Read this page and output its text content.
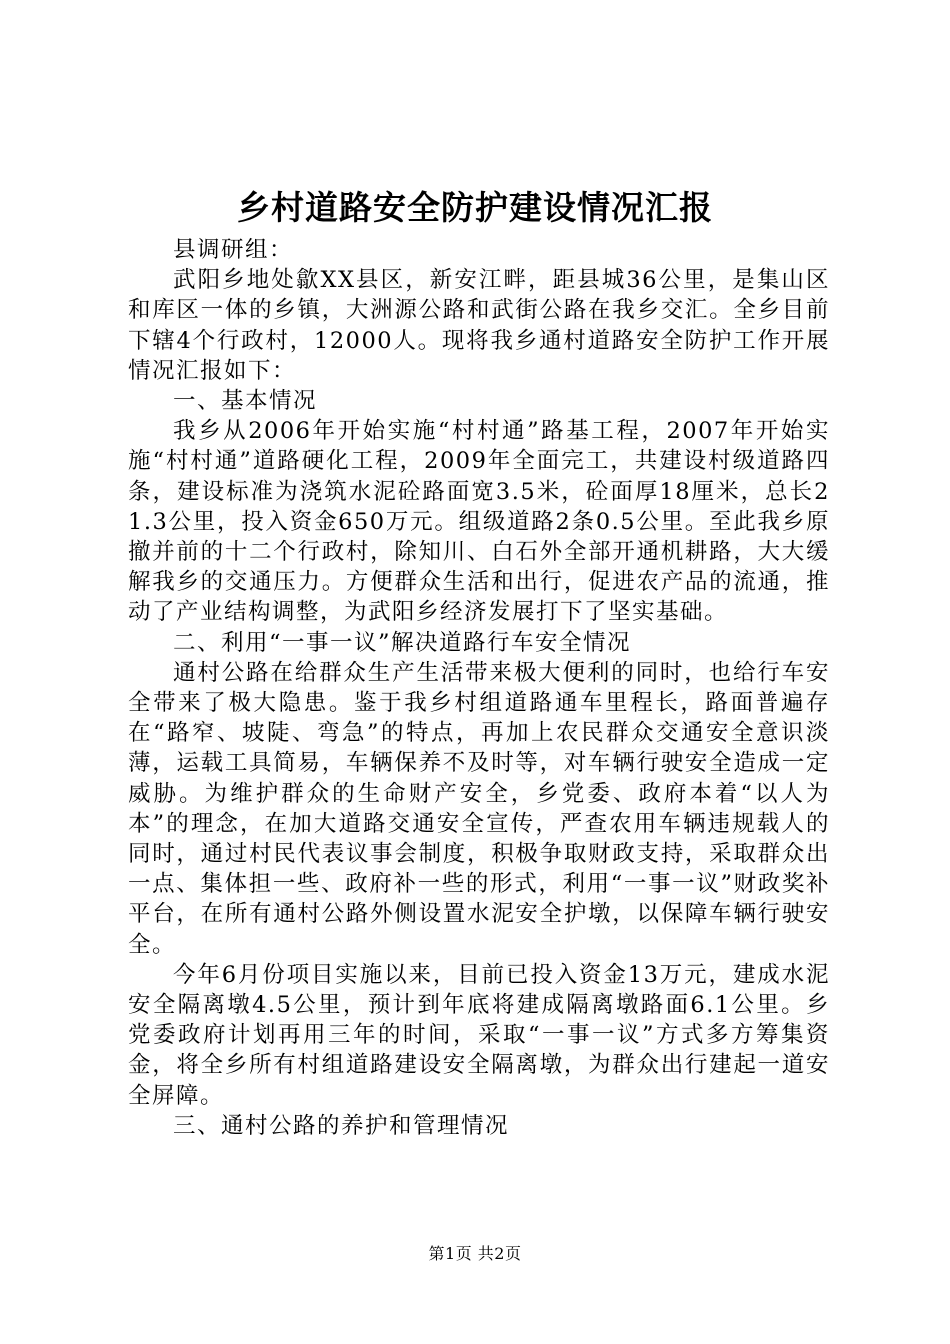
乡村道路安全防护建设情况汇报

县调研组：

武阳乡地处歙XX县区，新安江畔，距县城36公里，是集山区和库区一体的乡镇，大洲源公路和武街公路在我乡交汇。全乡目前下辖4个行政村，12000人。现将我乡通村道路安全防护工作开展情况汇报如下：

一、基本情况

我乡从2006年开始实施“村村通”路基工程，2007年开始实施“村村通”道路硬化工程，2009年全面完工，共建设村级道路四条，建设标准为浇筑水泥砼路面宽3.5米，砼面厚18厘米，总长21.3公里，投入资金650万元。组级道路2条0.5公里。至此我乡原撤并前的十二个行政村，除知川、白石外全部开通机耕路，大大缓解我乡的交通压力。方便群众生活和出行，促进农产品的流通，推动了产业结构调整，为武阳乡经济发展打下了坚实基础。

二、利用“一事一议”解决道路行车安全情况

通村公路在给群众生产生活带来极大便利的同时，也给行车安全带来了极大隐患。鉴于我乡村组道路通车里程长，路面普遍存在“路窄、坡陡、弯急”的特点，再加上农民群众交通安全意识淡薄，运载工具简易，车辆保养不及时等，对车辆行驶安全造成一定威胁。为维护群众的生命财产安全，乡党委、政府本着“以人为本”的理念，在加大道路交通安全宣传，严查农用车辆违规载人的同时，通过村民代表议事会制度，积极争取财政支持，采取群众出一点、集体担一些、政府补一些的形式，利用“一事一议”财政奖补平台，在所有通村公路外侧设置水泥安全护墩，以保障车辆行驶安全。

今年6月份项目实施以来，目前已投入资金13万元，建成水泥安全隔离墩4.5公里，预计到年底将建成隔离墩路面6.1公里。乡党委政府计划再用三年的时间，采取“一事一议”方式多方筹集资金，将全乡所有村组道路建设安全隔离墩，为群众出行建起一道安全屏障。

三、通村公路的养护和管理情况

第1页 共2页
